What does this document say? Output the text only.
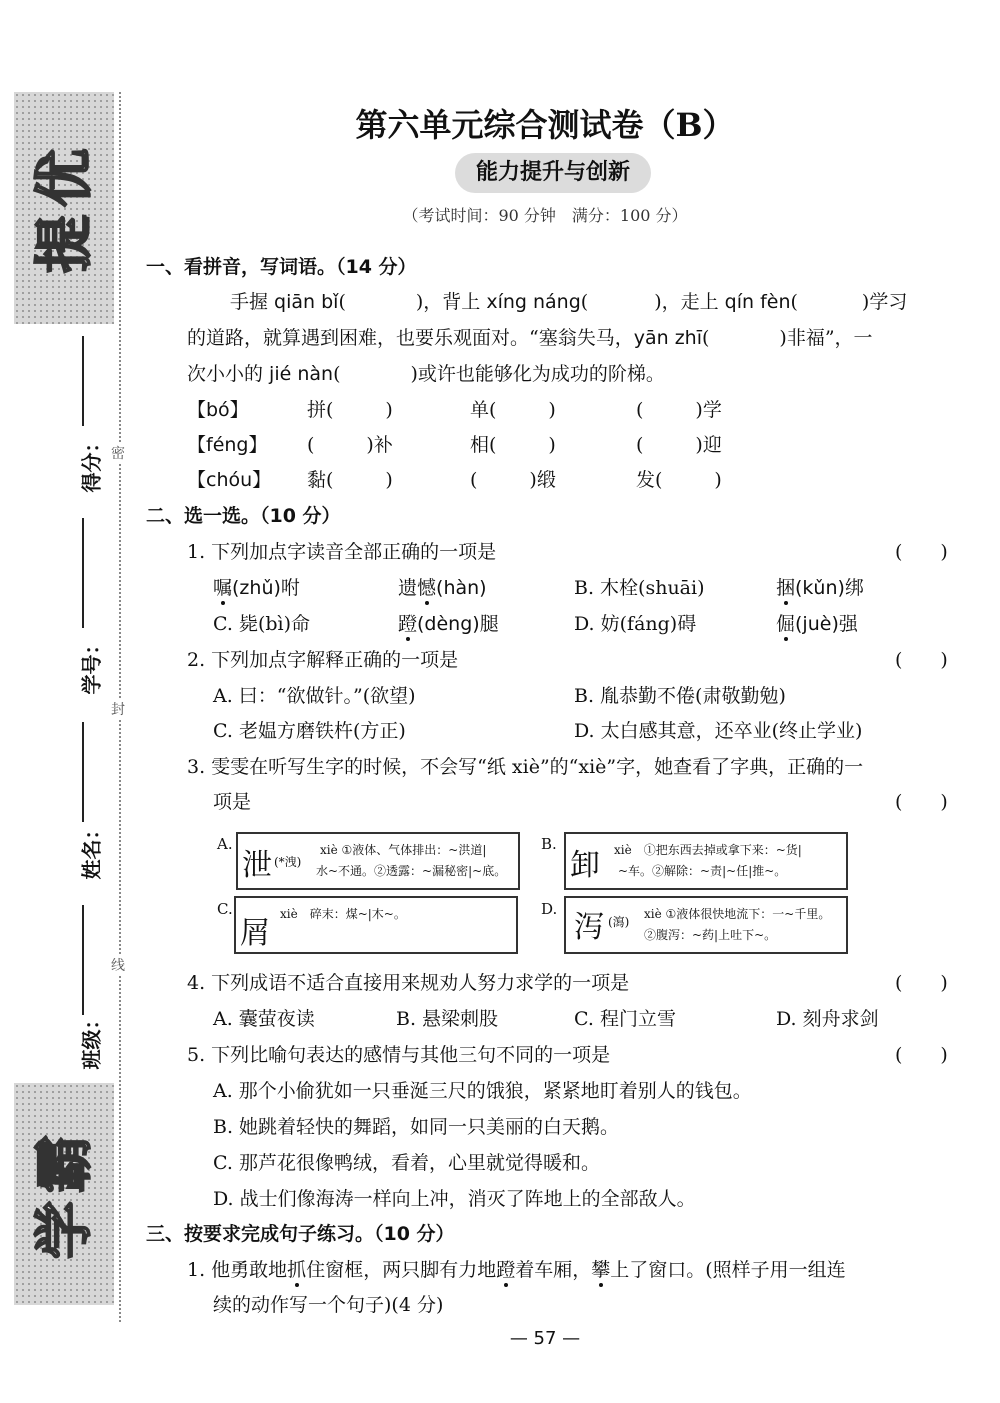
优
提
霸
学
密
封
线
得分：
学号：
姓名：
班级：
第六单元综合测试卷（B）
能力提升与创新
（考试时间：90 分钟　满分：100 分）
一、看拼音，写词语。（14 分）
手握 qiān bǐ(	)，背上 xíng náng(	)，走上 qín fèn(	)学习
的道路，就算遇到困难，也要乐观面对。“塞翁失马，yān zhī(	)非福”，一
次小小的 jié nàn(	)或许也能够化为成功的阶梯。
【bó】	拼(	)	单(	)	(	)学
【féng】 (	)补	相(	)	(	)迎
【chóu】 黏(	)	(	)缎	发(	)
二、选一选。（10 分）
1. 下列加点字读音全部正确的一项是	(　　)
嘱(zhǔ)咐	遗憾(hàn)	B. 木栓(shuāi)	捆(kǔn)绑
C. 毙(bì)命	蹬(dèng)腿	D. 妨(fáng)碍	倔(juè)强
2. 下列加点字解释正确的一项是	(　　)
A. 曰：“欲做针。”(欲望)	B. 胤恭勤不倦(肃敬勤勉)
C. 老媪方磨铁杵(方正)	D. 太白感其意，还卒业(终止学业)
3. 雯雯在听写生字的时候，不会写“纸 xiè”的“xiè”字，她查看了字典，正确的一
项是	(　　)
A.
泄 (*洩)
xiè ①液体、气体排出：~洪道|
水~不通。②透露：~漏秘密|~底。
B.
卸 xiè　①把东西去掉或拿下来：~货|
~车。②解除：~责|~任|推~。
C.
屑
xiè　碎末：煤~|木~。	D.
泻 (瀉)
xiè ①液体很快地流下：一~千里。
②腹泻：~药|上吐下~。
4. 下列成语不适合直接用来规劝人努力求学的一项是	(　　)
A. 囊萤夜读	B. 悬梁刺股	C. 程门立雪	D. 刻舟求剑
5. 下列比喻句表达的感情与其他三句不同的一项是	(　　)
A. 那个小偷犹如一只垂涎三尺的饿狼，紧紧地盯着别人的钱包。
B. 她跳着轻快的舞蹈，如同一只美丽的白天鹅。
C. 那芦花很像鸭绒，看着，心里就觉得暖和。
D. 战士们像海涛一样向上冲，消灭了阵地上的全部敌人。
三、按要求完成句子练习。（10 分）
1. 他勇敢地抓住窗框，两只脚有力地蹬着车厢，攀上了窗口。(照样子用一组连
续的动作写一个句子)(4 分)
— 57 —
